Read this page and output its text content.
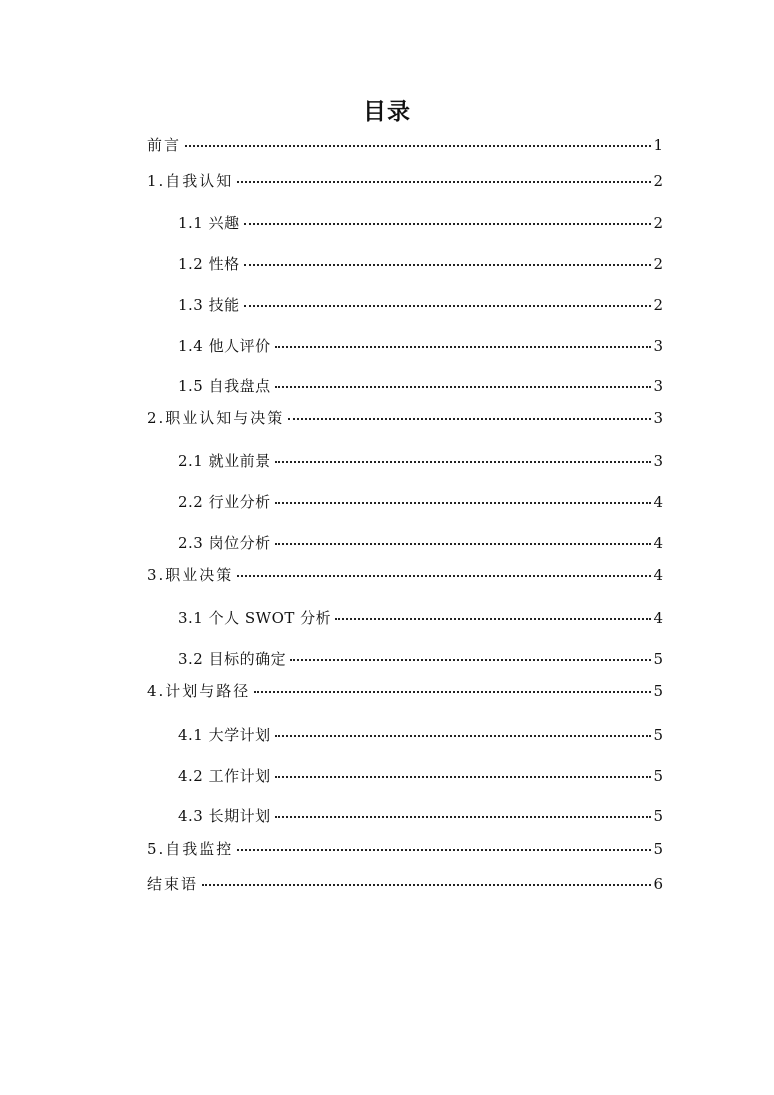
目录
前言	1
1.自我认知	2
1.1 兴趣	2
1.2 性格	2
1.3 技能	2
1.4 他人评价	3
1.5 自我盘点	3
2.职业认知与决策	3
2.1 就业前景	3
2.2 行业分析	4
2.3 岗位分析	4
3.职业决策	4
3.1 个人 SWOT 分析	4
3.2 目标的确定	5
4.计划与路径	5
4.1 大学计划	5
4.2 工作计划	5
4.3 长期计划	5
5.自我监控	5
结束语	6
